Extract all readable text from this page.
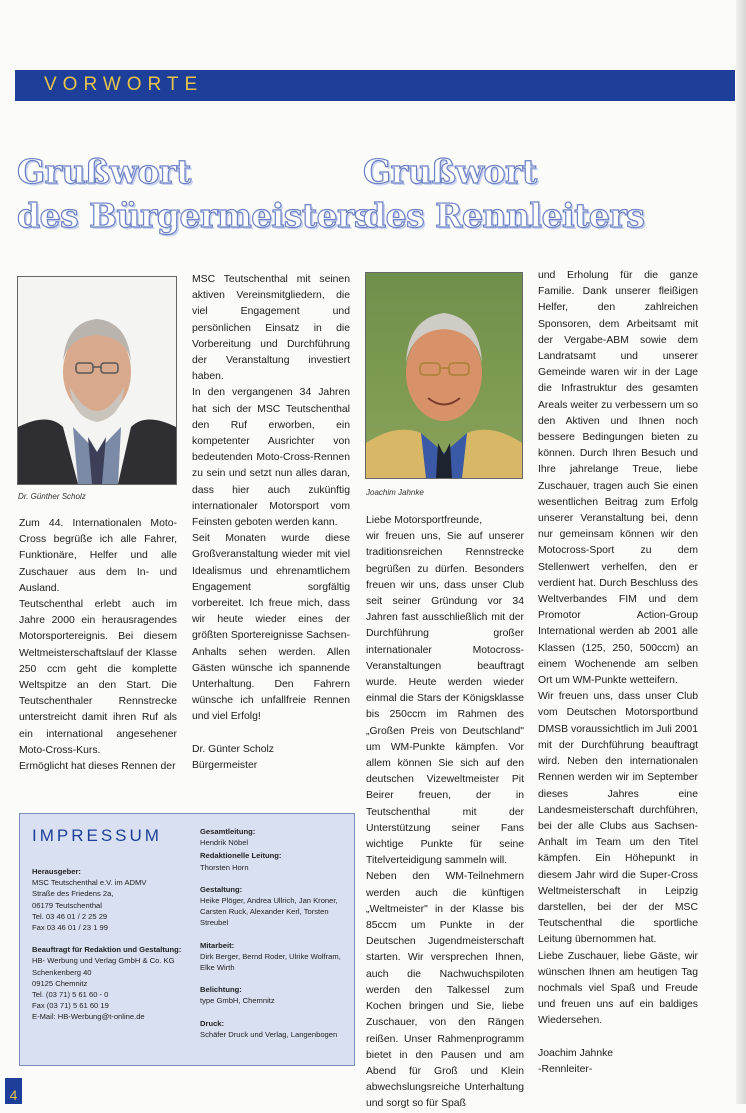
VORWORTE
Grußwort
des Bürgermeisters
Grußwort
des Rennleiters
Dr. Günther Scholz	Joachim Jahnke

Zum 44. Internationalen Moto-Cross begrüße ich alle Fahrer, Funktionäre, Helfer und alle Zuschauer aus dem In- und Ausland.

Teutschenthal erlebt auch im Jahre 2000 ein herausragendes Motorsportereignis. Bei diesem Weltmeisterschaftslauf der Klasse 250 ccm geht die komplette Weltspitze an den Start. Die Teutschenthaler Rennstrecke unterstreicht damit ihren Ruf als ein international angesehener Moto-Cross-Kurs.

Ermöglicht hat dieses Rennen der

MSC Teutschenthal mit seinen aktiven Vereinsmitgliedern, die viel Engagement und persönlichen Einsatz in die Vorbereitung und Durchführung der Veranstaltung investiert haben.

In den vergangenen 34 Jahren hat sich der MSC Teutschenthal den Ruf erworben, ein kompetenter Ausrichter von bedeutenden Moto-Cross-Rennen zu sein und setzt nun alles daran, dass hier auch zukünftig internationaler Motorsport vom Feinsten geboten werden kann.

Seit Monaten wurde diese Großveranstaltung wieder mit viel Idealismus und ehrenamtlichem Engagement sorgfältig vorbereitet. Ich freue mich, dass wir heute wieder eines der größten Sportereignisse Sachsen-Anhalts sehen werden. Allen Gästen wünsche ich spannende Unterhaltung. Den Fahrern wünsche ich unfallfreie Rennen und viel Erfolg!

Dr. Günter Scholz

Bürgermeister

Liebe Motorsportfreunde,

wir freuen uns, Sie auf unserer traditionsreichen Rennstrecke begrüßen zu dürfen. Besonders freuen wir uns, dass unser Club seit seiner Gründung vor 34 Jahren fast ausschließlich mit der Durchführung großer internationaler Motocross-Veranstaltungen beauftragt wurde. Heute werden wieder einmal die Stars der Königsklasse bis 250ccm im Rahmen des „Großen Preis von Deutschland" um WM-Punkte kämpfen. Vor allem können Sie sich auf den deutschen Vizeweltmeister Pit Beirer freuen, der in Teutschenthal mit der Unterstützung seiner Fans wichtige Punkte für seine Titelverteidigung sammeln will.

Neben den WM-Teilnehmern werden auch die künftigen „Weltmeister" in der Klasse bis 85ccm um Punkte in der Deutschen Jugendmeisterschaft starten. Wir versprechen Ihnen, auch die Nachwuchspiloten werden den Talkessel zum Kochen bringen und Sie, liebe Zuschauer, von den Rängen reißen. Unser Rahmenprogramm bietet in den Pausen und am Abend für Groß und Klein abwechslungsreiche Unterhaltung und sorgt so für Spaß

und Erholung für die ganze Familie. Dank unserer fleißigen Helfer, den zahlreichen Sponsoren, dem Arbeitsamt mit der Vergabe-ABM sowie dem Landratsamt und unserer Gemeinde waren wir in der Lage die Infrastruktur des gesamten Areals weiter zu verbessern um so den Aktiven und Ihnen noch bessere Bedingungen bieten zu können. Durch Ihren Besuch und Ihre jahrelange Treue, liebe Zuschauer, tragen auch Sie einen wesentlichen Beitrag zum Erfolg unserer Veranstaltung bei, denn nur gemeinsam können wir den Motocross-Sport zu dem Stellenwert verhelfen, den er verdient hat. Durch Beschluss des Weltverbandes FIM und dem Promotor Action-Group International werden ab 2001 alle Klassen (125, 250, 500ccm) an einem Wochenende am selben Ort um WM-Punkte wetteifern.

Wir freuen uns, dass unser Club vom Deutschen Motorsportbund DMSB voraussichtlich im Juli 2001 mit der Durchführung beauftragt wird. Neben den internationalen Rennen werden wir im September dieses Jahres eine Landesmeisterschaft durchführen, bei der alle Clubs aus Sachsen-Anhalt im Team um den Titel kämpfen. Ein Höhepunkt in diesem Jahr wird die Super-Cross Weltmeisterschaft in Leipzig darstellen, bei der der MSC Teutschenthal die sportliche Leitung übernommen hat.

Liebe Zuschauer, liebe Gäste, wir wünschen Ihnen am heutigen Tag nochmals viel Spaß und Freude und freuen uns auf ein baldiges Wiedersehen.

Joachim Jahnke

-Rennleiter-

IMPRESSUM
Herausgeber:
MSC Teutschenthal e.V. im ADMV
Straße des Friedens 2a,
06179 Teutschenthal
Tel. 03 46 01 / 2 25 29
Fax 03 46 01 / 23 1 99
Beauftragt für Redaktion und Gestaltung:
HB- Werbung und Verlag GmbH & Co. KG
Schenkenberg 40
09125 Chemnitz
Tel. (03 71) 5 61 60 - 0
Fax (03 71) 5 61 60 19
E-Mail: HB-Werbung@t-online.de
Gesamtleitung:
Hendrik Nöbel
Redaktionelle Leitung:
Thorsten Horn
Gestaltung:
Heike Plöger, Andrea Ullrich, Jan Kroner,
Carsten Ruck, Alexander Kerl, Torsten Streubel
Mitarbeit:
Dirk Berger, Bernd Roder, Ulrike Wolfram, Elke Wirth
Belichtung:
type GmbH, Chemnitz
Druck:
Schäfer Druck und Verlag, Langenbogen
4
